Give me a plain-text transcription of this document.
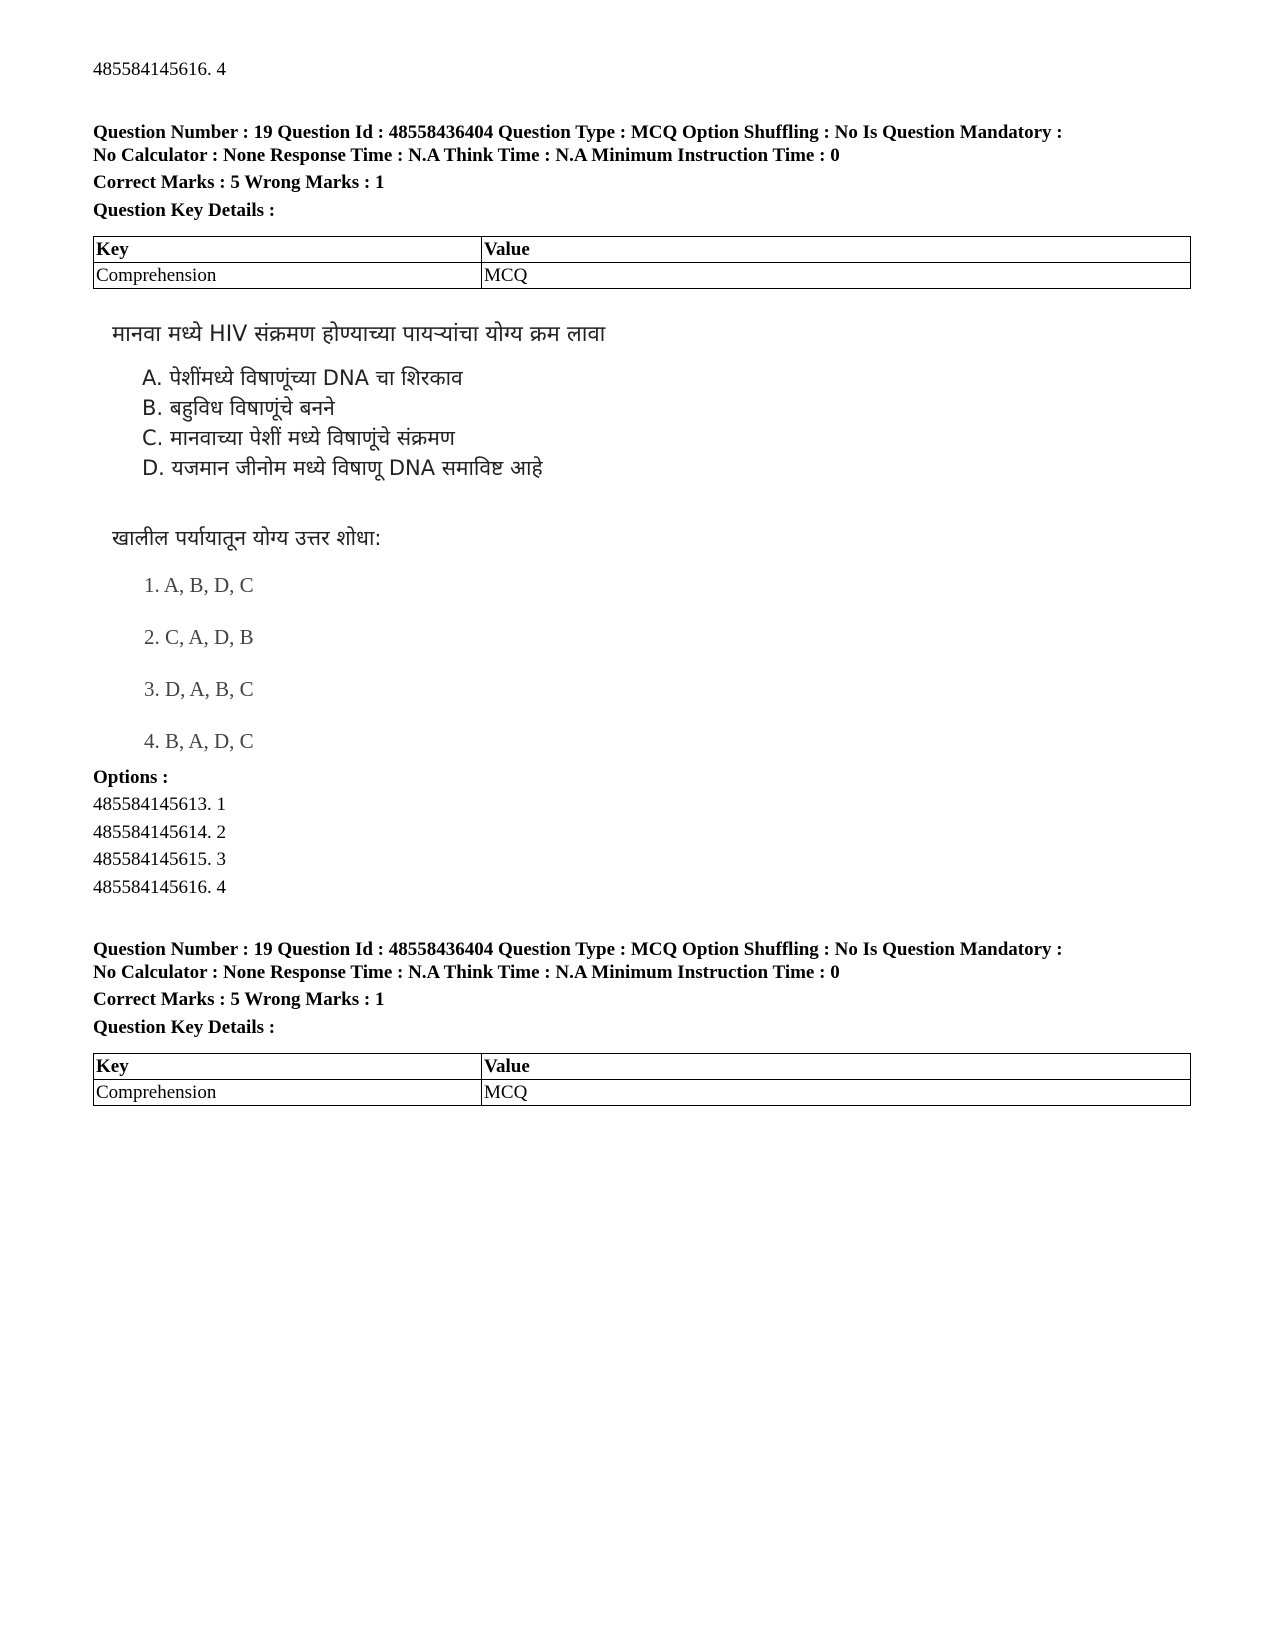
485584145616. 4
Question Number : 19 Question Id : 48558436404 Question Type : MCQ Option Shuffling : No Is Question Mandatory :
No Calculator : None Response Time : N.A Think Time : N.A Minimum Instruction Time : 0
Correct Marks : 5 Wrong Marks : 1
Question Key Details :
Key	Value
Comprehension	MCQ
मानवा मध्ये HIV संक्रमण होण्याच्या पायऱ्यांचा योग्य क्रम लावा
A. पेशींमध्ये विषाणूंच्या DNA चा शिरकाव
B. बहुविध विषाणूंचे बनने
C. मानवाच्या पेशीं मध्ये विषाणूंचे संक्रमण
D. यजमान जीनोम मध्ये विषाणू DNA समाविष्ट आहे
खालील पर्यायातून योग्य उत्तर शोधा:
1. A, B, D, C
2. C, A, D, B
3. D, A, B, C
4. B, A, D, C
Options :
485584145613. 1
485584145614. 2
485584145615. 3
485584145616. 4
Question Number : 19 Question Id : 48558436404 Question Type : MCQ Option Shuffling : No Is Question Mandatory :
No Calculator : None Response Time : N.A Think Time : N.A Minimum Instruction Time : 0
Correct Marks : 5 Wrong Marks : 1
Question Key Details :
Key	Value
Comprehension	MCQ
